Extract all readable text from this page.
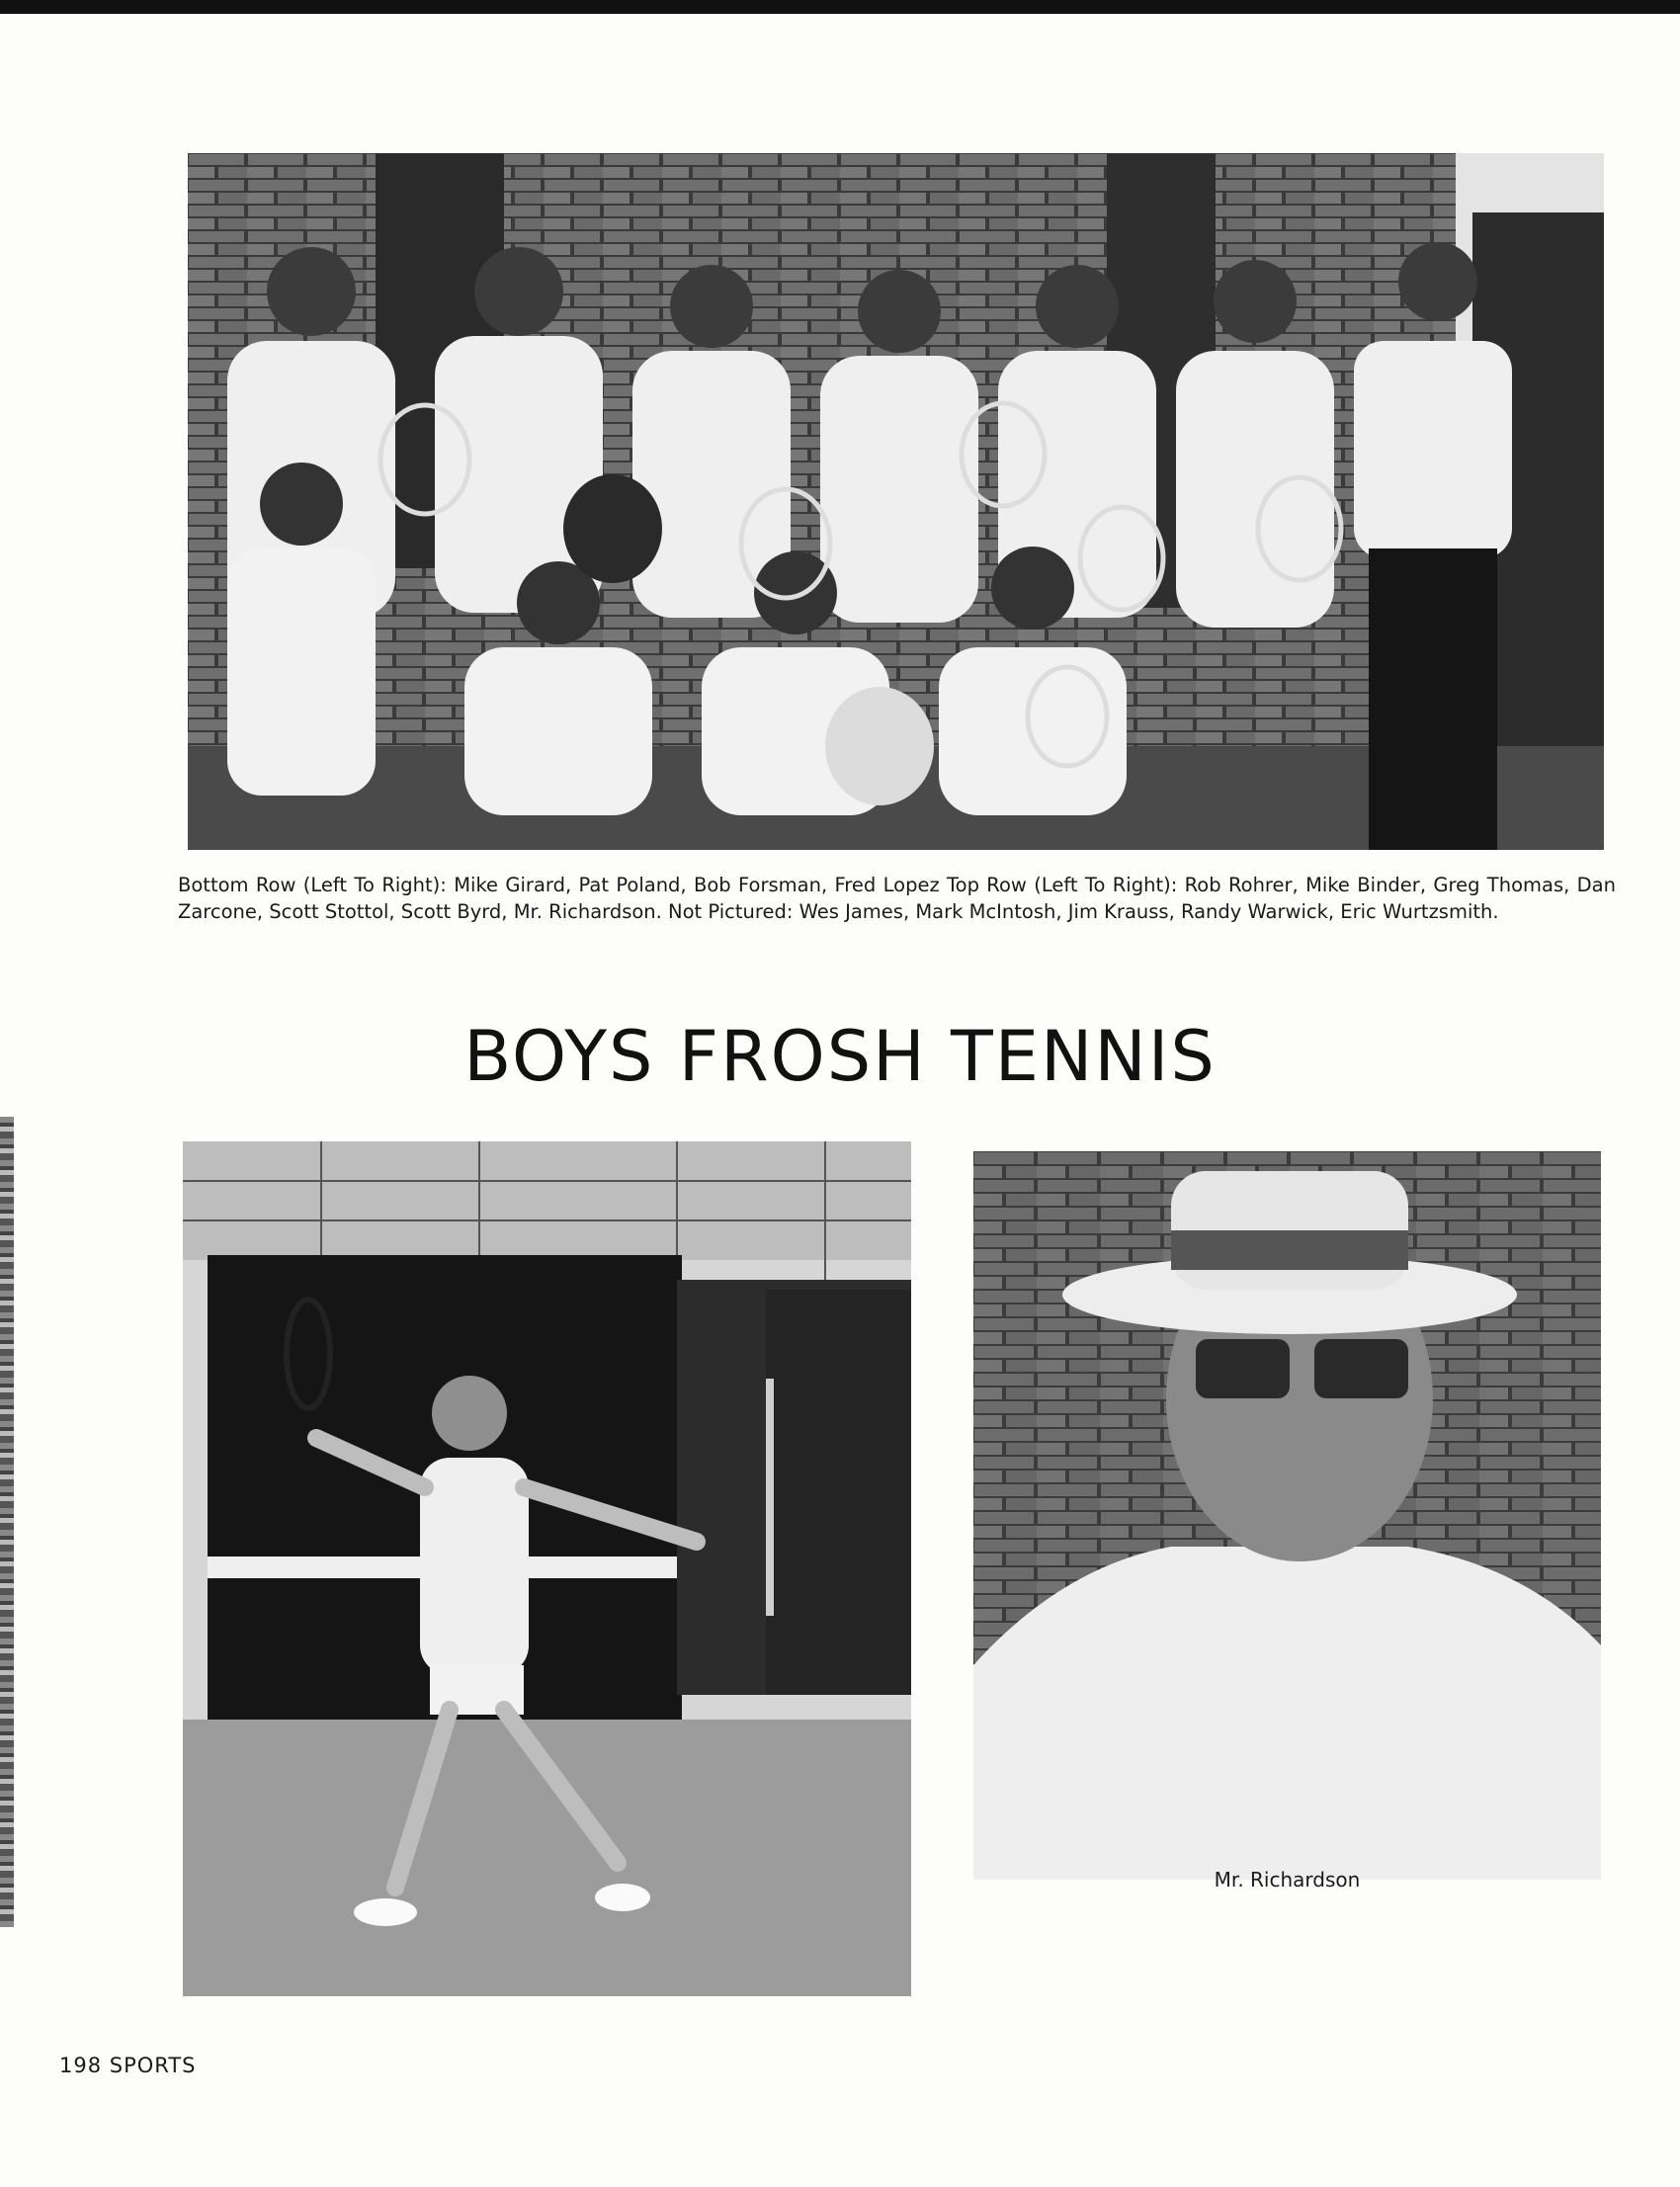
Bottom Row (Left To Right): Mike Girard, Pat Poland, Bob Forsman, Fred Lopez Top Row (Left To Right): Rob Rohrer, Mike Binder, Greg Thomas, Dan Zarcone, Scott Stottol, Scott Byrd, Mr. Richardson. Not Pictured: Wes James, Mark McIntosh, Jim Krauss, Randy Warwick, Eric Wurtzsmith.

BOYS FROSH TENNIS
Mr. Richardson
198 SPORTS
